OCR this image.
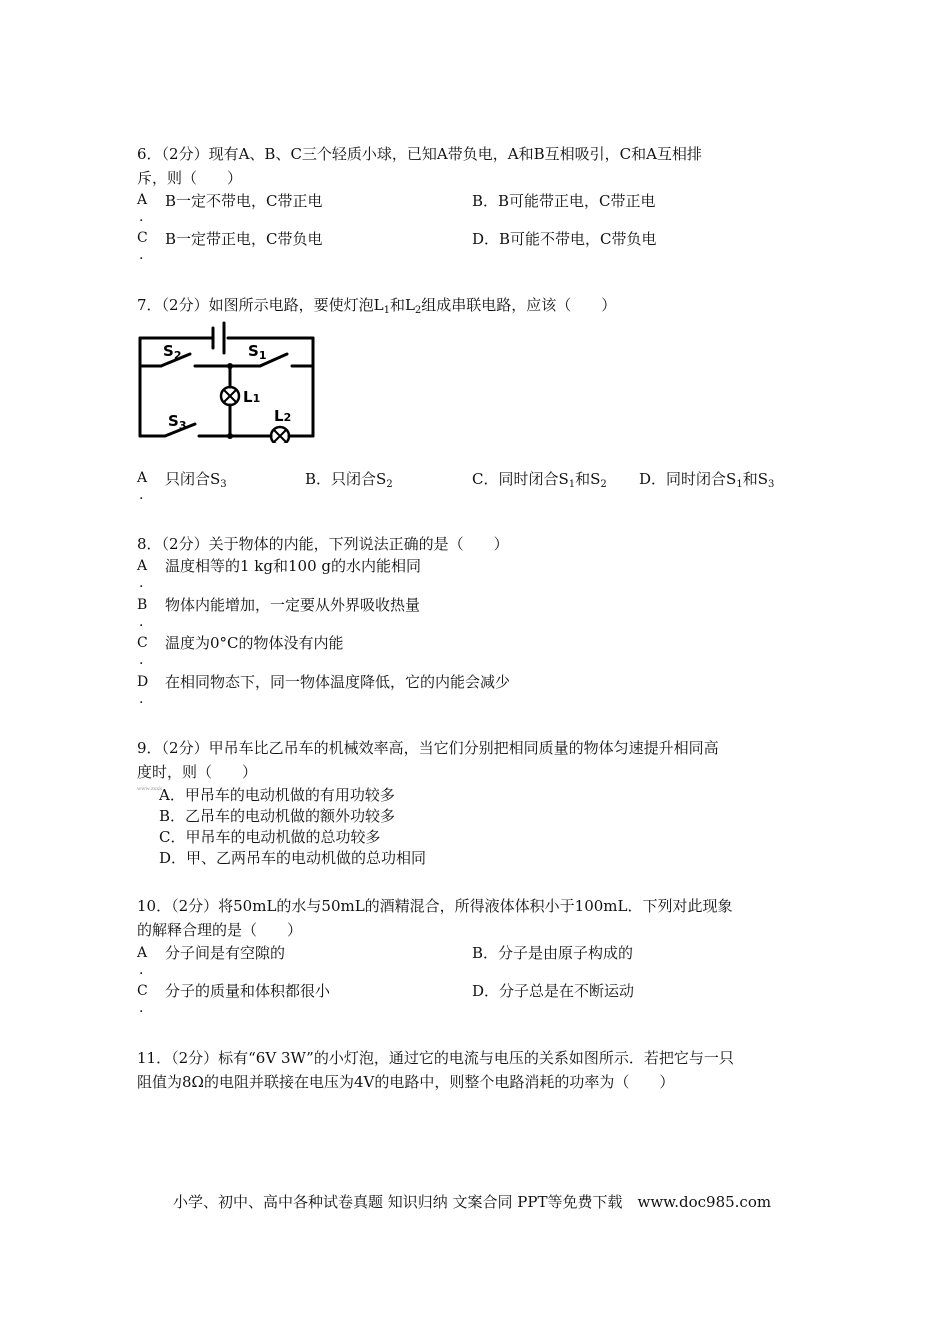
6．（2分）现有A、B、C三个轻质小球，已知A带负电，A和B互相吸引，C和A互相排
斥，则（　　）
A
.
B一定不带电，C带正电	B．B可能带正电，C带正电
C
.
B一定带正电，C带负电	D．B可能不带电，C带负电
7．（2分）如图所示电路，要使灯泡$L_1$和$L_2$组成串联电路，应该（　　）
$S_2$	$S_1$
$S_3$
L1
L2
A
.
只闭合$S_3$	B．只闭合$S_2$	C．同时闭合$S_1$和$S_2$ D．同时闭合$S_1$和$S_3$
8．（2分）关于物体的内能，下列说法正确的是（　　）
A
.
温度相等的1 kg和100 g的水内能相同
B
.
物体内能增加，一定要从外界吸收热量
C
.
温度为0°C的物体没有内能
D
.
在相同物态下，同一物体温度降低，它的内能会减少
9．（2分）甲吊车比乙吊车的机械效率高，当它们分别把相同质量的物体匀速提升相同高
度时，则（　　）
www.zxxk
A．甲吊车的电动机做的有用功较多
B．乙吊车的电动机做的额外功较多
C．甲吊车的电动机做的总功较多
D．甲、乙两吊车的电动机做的总功相同
10．（2分）将50mL的水与50mL的酒精混合，所得液体体积小于100mL．下列对此现象
的解释合理的是（　　）
A
.
分子间是有空隙的	B．分子是由原子构成的
C
.
分子的质量和体积都很小	D．分子总是在不断运动
11．（2分）标有“6V 3W”的小灯泡，通过它的电流与电压的关系如图所示．若把它与一只
阻值为8Ω的电阻并联接在电压为4V的电路中，则整个电路消耗的功率为（　　）
小学、初中、高中各种试卷真题 知识归纳 文案合同 PPT等免费下载　www.doc985.com
